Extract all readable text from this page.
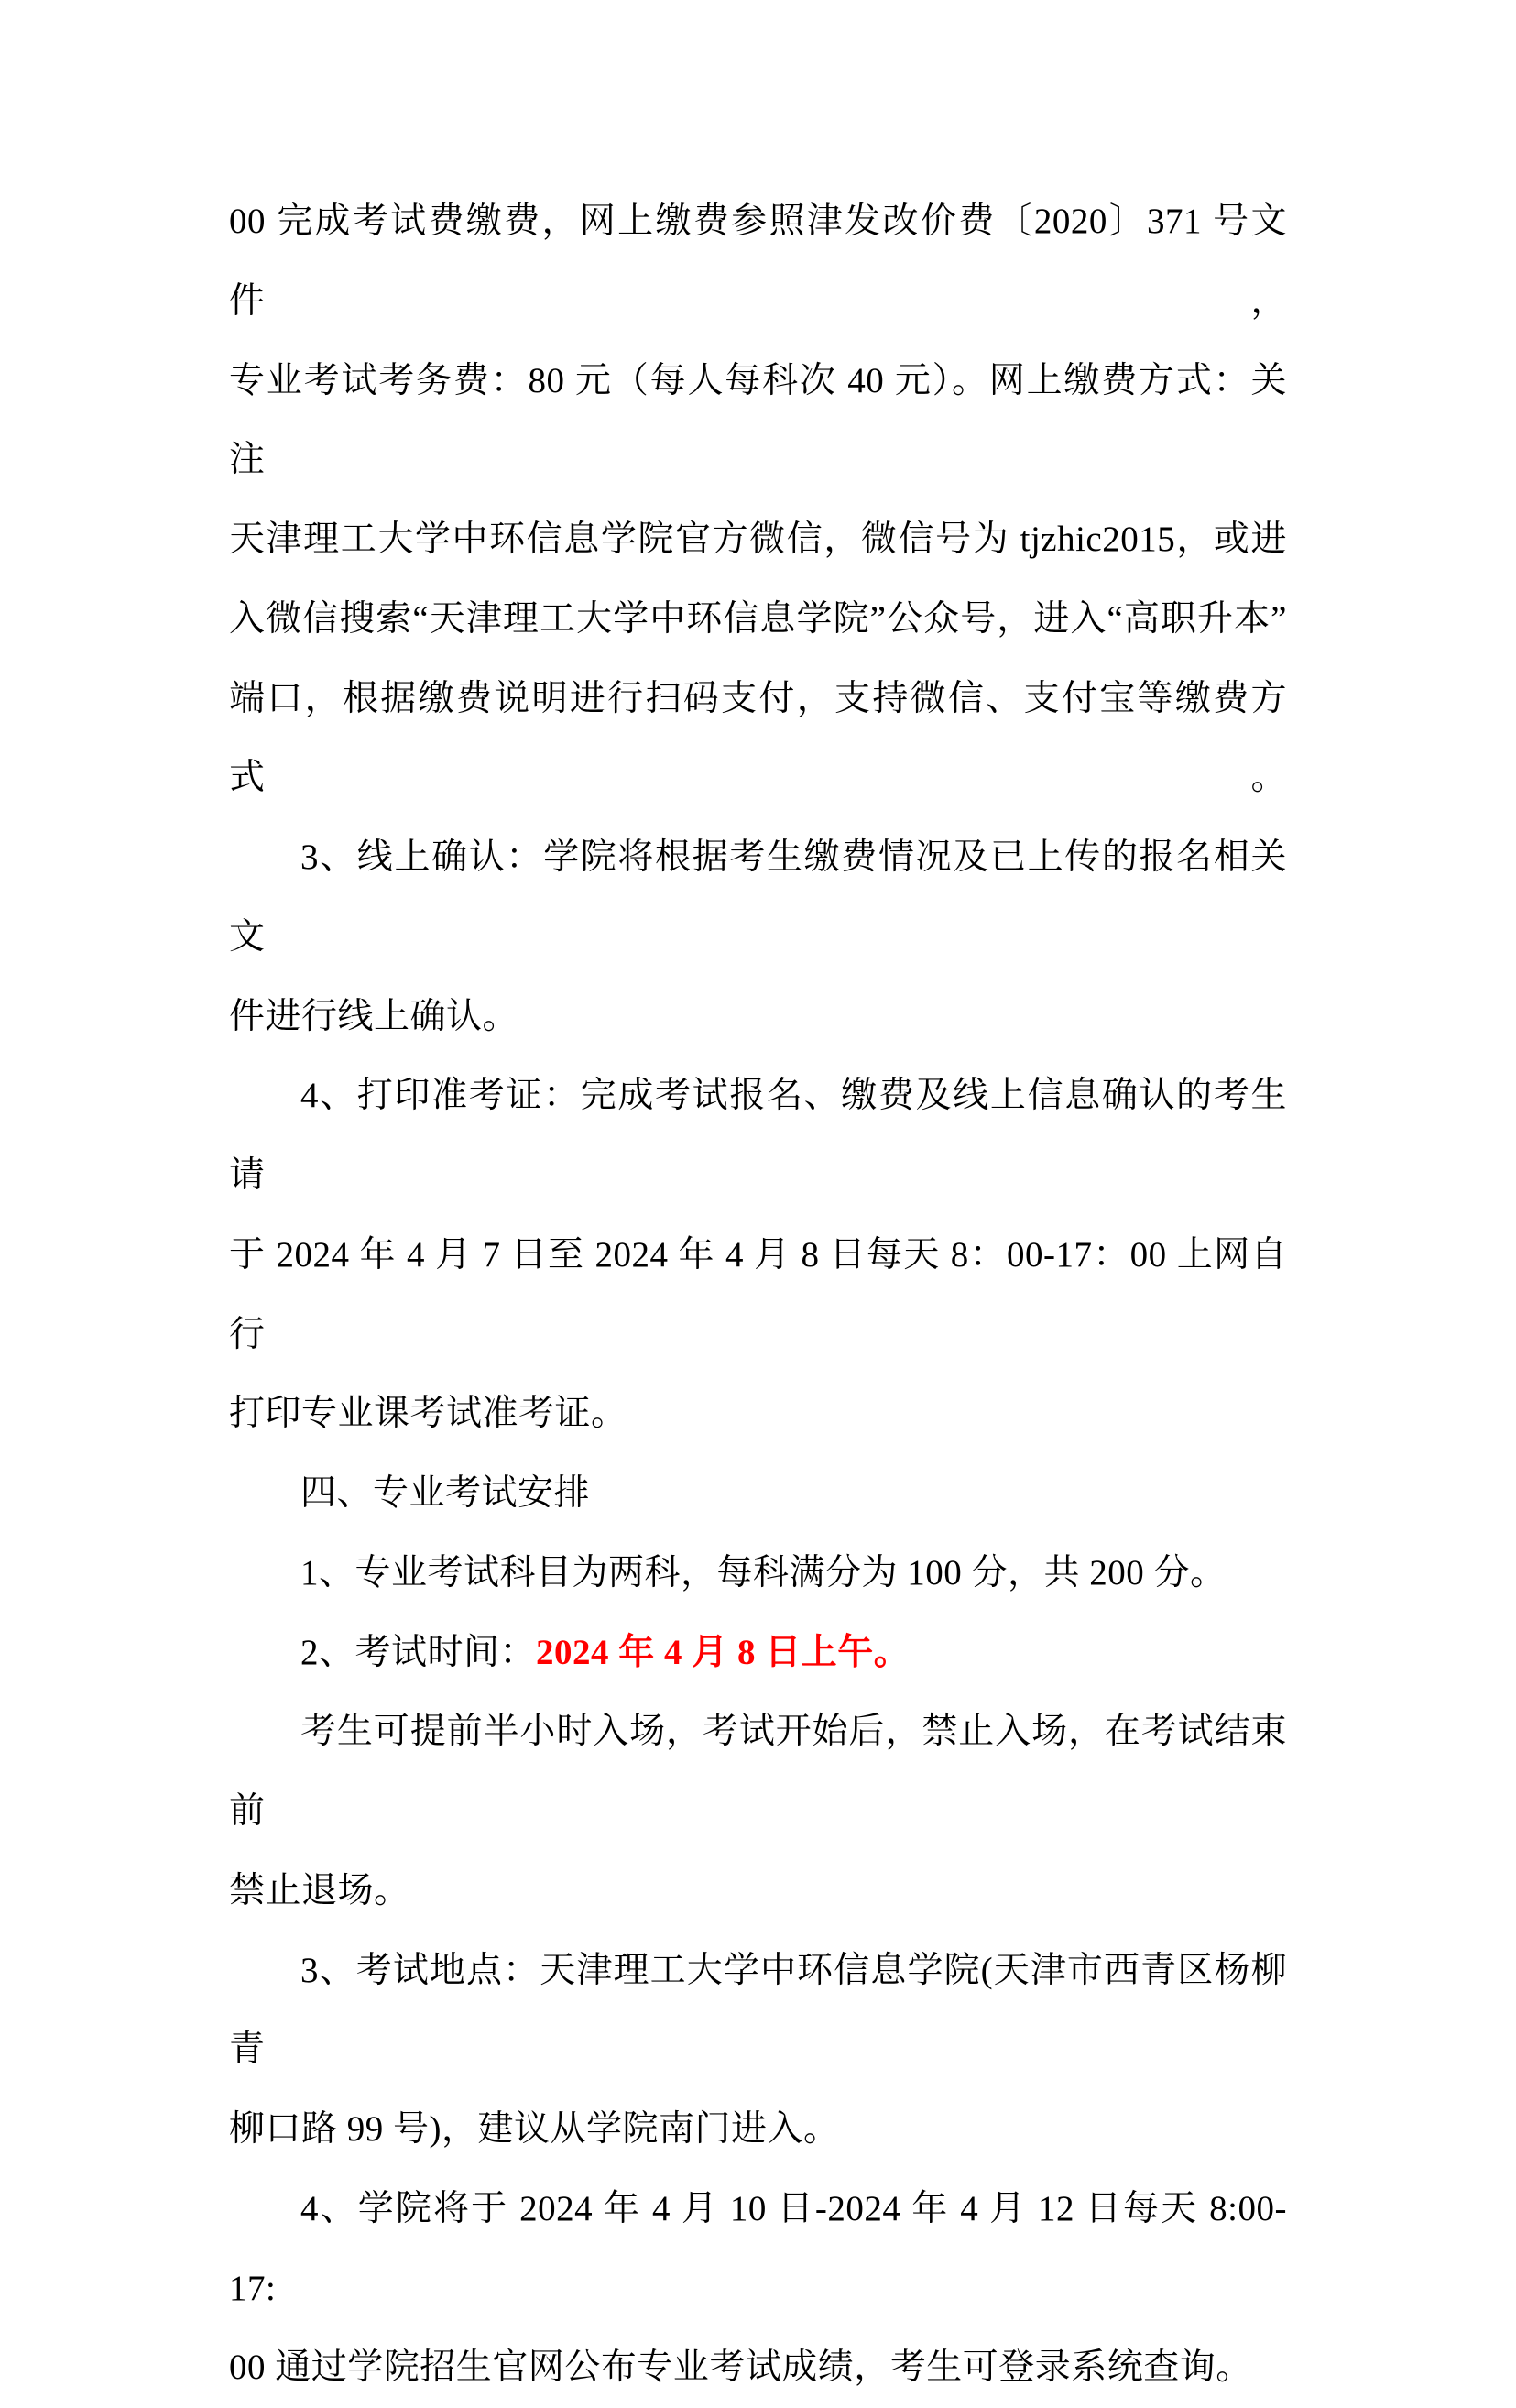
00 完成考试费缴费，网上缴费参照津发改价费〔2020〕371 号文件，
专业考试考务费：80 元（每人每科次 40 元）。网上缴费方式：关注
天津理工大学中环信息学院官方微信，微信号为 tjzhic2015，或进
入微信搜索“天津理工大学中环信息学院”公众号，进入“高职升本”
端口，根据缴费说明进行扫码支付，支持微信、支付宝等缴费方式。
3、线上确认：学院将根据考生缴费情况及已上传的报名相关文
件进行线上确认。
4、打印准考证：完成考试报名、缴费及线上信息确认的考生请
于 2024 年 4 月 7 日至 2024 年 4 月 8 日每天 8：00-17：00 上网自行
打印专业课考试准考证。
四、专业考试安排
1、专业考试科目为两科，每科满分为 100 分，共 200 分。
2、考试时间：2024 年 4 月 8 日上午。
考生可提前半小时入场，考试开始后，禁止入场，在考试结束前
禁止退场。
3、考试地点：天津理工大学中环信息学院(天津市西青区杨柳青
柳口路 99 号)，建议从学院南门进入。
4、学院将于 2024 年 4 月 10 日-2024 年 4 月 12 日每天 8:00-17:
00 通过学院招生官网公布专业考试成绩，考生可登录系统查询。
